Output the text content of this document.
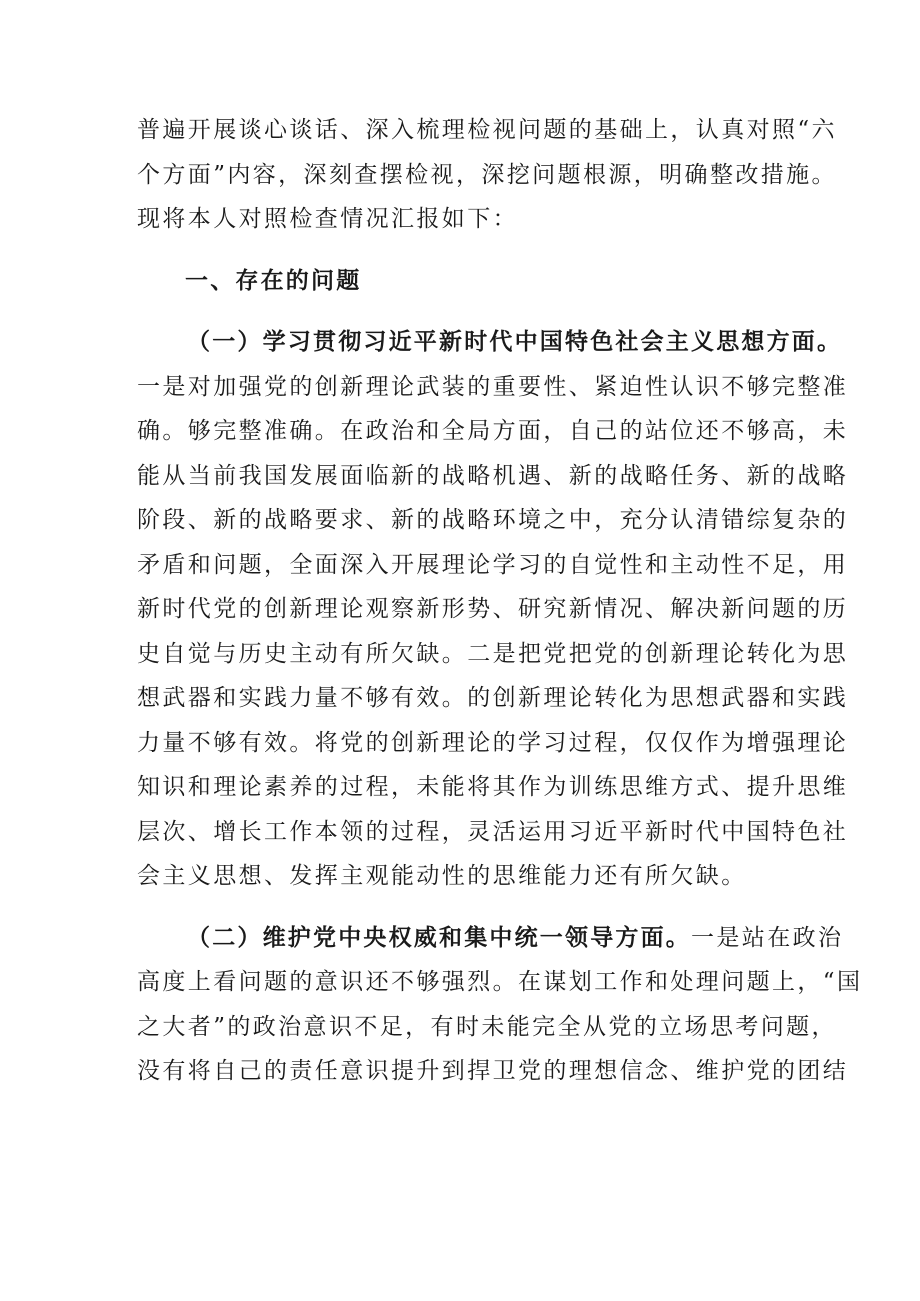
普遍开展谈心谈话、深入梳理检视问题的基础上，认真对照“六
个方面”内容，深刻查摆检视，深挖问题根源，明确整改措施。
现将本人对照检查情况汇报如下：
一、存在的问题
（一）学习贯彻习近平新时代中国特色社会主义思想方面。
一是对加强党的创新理论武装的重要性、紧迫性认识不够完整准
确。够完整准确。在政治和全局方面，自己的站位还不够高，未
能从当前我国发展面临新的战略机遇、新的战略任务、新的战略
阶段、新的战略要求、新的战略环境之中，充分认清错综复杂的
矛盾和问题，全面深入开展理论学习的自觉性和主动性不足，用
新时代党的创新理论观察新形势、研究新情况、解决新问题的历
史自觉与历史主动有所欠缺。二是把党把党的创新理论转化为思
想武器和实践力量不够有效。的创新理论转化为思想武器和实践
力量不够有效。将党的创新理论的学习过程，仅仅作为增强理论
知识和理论素养的过程，未能将其作为训练思维方式、提升思维
层次、增长工作本领的过程，灵活运用习近平新时代中国特色社
会主义思想、发挥主观能动性的思维能力还有所欠缺。
（二）维护党中央权威和集中统一领导方面。一是站在政治
高度上看问题的意识还不够强烈。在谋划工作和处理问题上，“国
之大者”的政治意识不足，有时未能完全从党的立场思考问题，
没有将自己的责任意识提升到捍卫党的理想信念、维护党的团结
